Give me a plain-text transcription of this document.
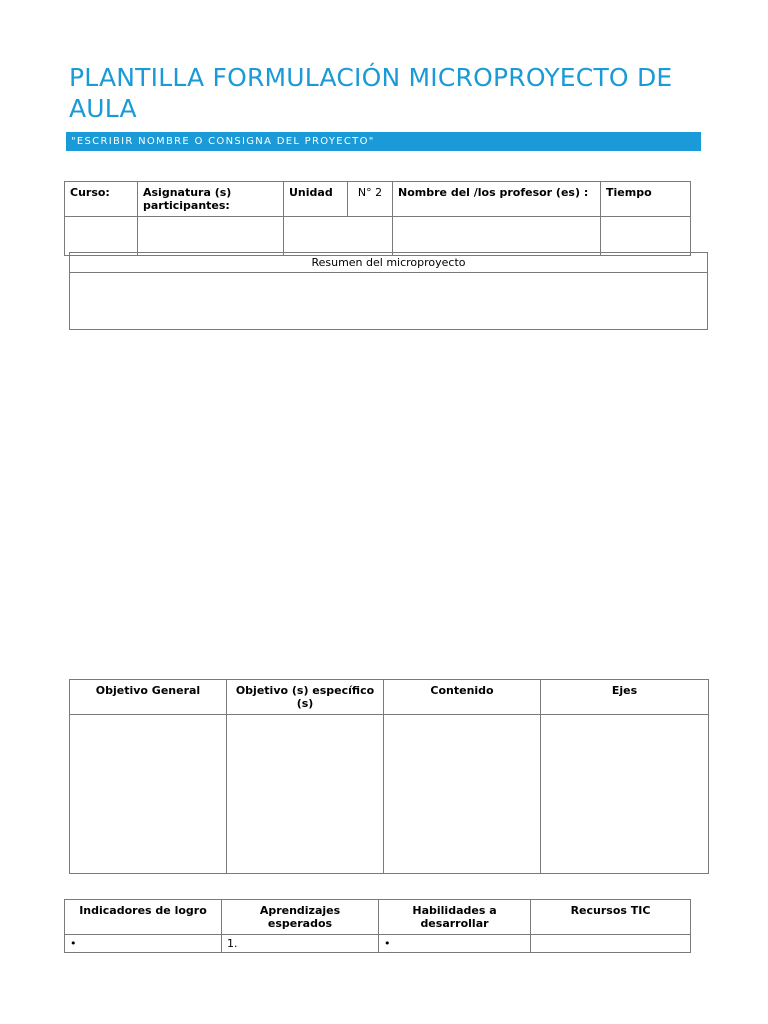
PLANTILLA FORMULACIÓN MICROPROYECTO DE
AULA
"ESCRIBIR NOMBRE O CONSIGNA DEL PROYECTO"
Curso:	Asignatura (s) participantes:	Unidad	N° 2	Nombre del /los profesor (es) :	Tiempo

Resumen del microproyecto

Objetivo General	Objetivo (s) específico (s)	Contenido	Ejes

Indicadores de logro	Aprendizajes esperados	Habilidades a desarrollar	Recursos TIC
•	1.	•	
